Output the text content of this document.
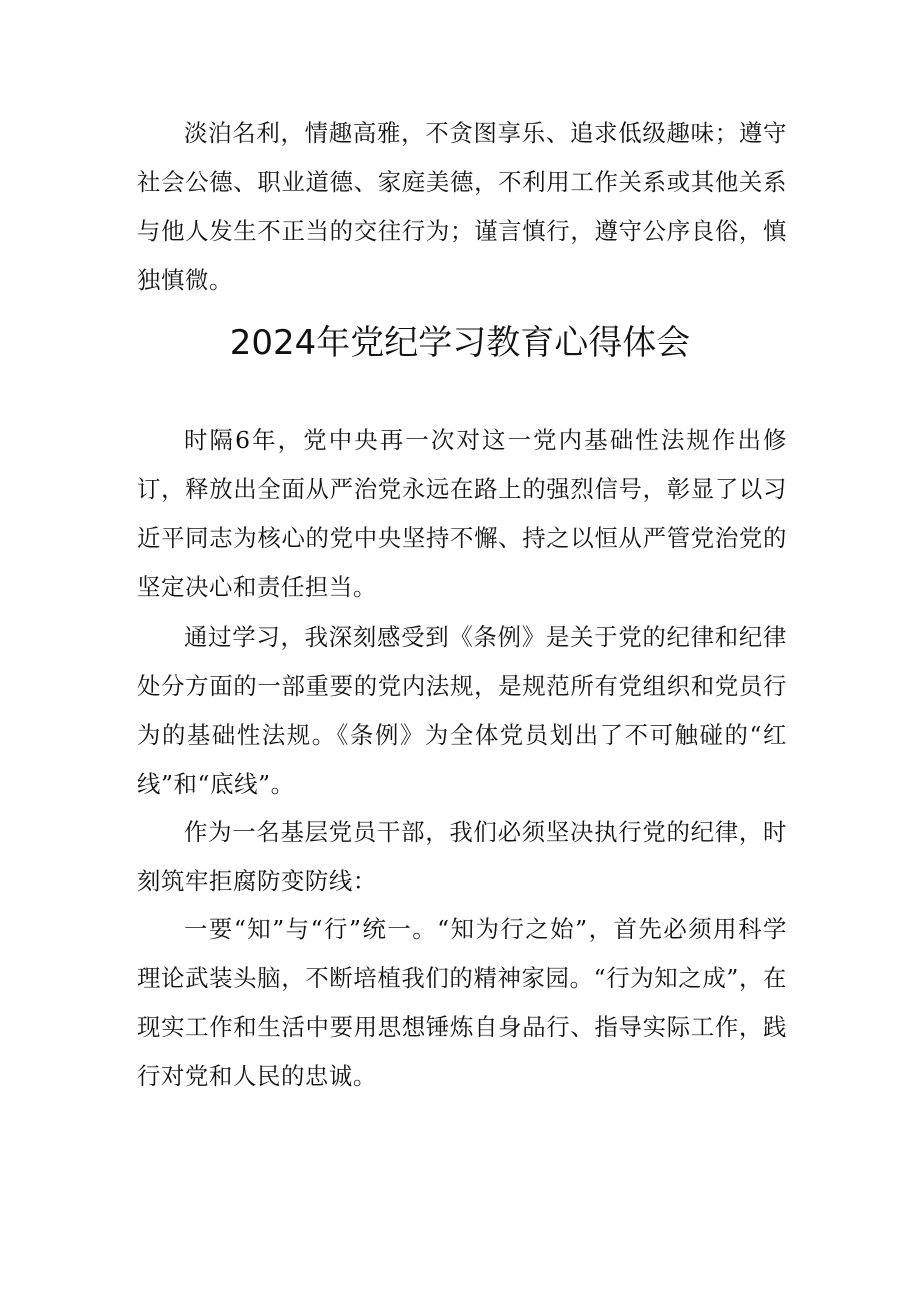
淡泊名利，情趣高雅，不贪图享乐、追求低级趣味；遵守社会公德、职业道德、家庭美德，不利用工作关系或其他关系与他人发生不正当的交往行为；谨言慎行，遵守公序良俗，慎独慎微。

2024年党纪学习教育心得体会

时隔6年，党中央再一次对这一党内基础性法规作出修订，释放出全面从严治党永远在路上的强烈信号，彰显了以习近平同志为核心的党中央坚持不懈、持之以恒从严管党治党的坚定决心和责任担当。

通过学习，我深刻感受到《条例》是关于党的纪律和纪律处分方面的一部重要的党内法规，是规范所有党组织和党员行为的基础性法规。《条例》为全体党员划出了不可触碰的“红线”和“底线”。

作为一名基层党员干部，我们必须坚决执行党的纪律，时刻筑牢拒腐防变防线：

一要“知”与“行”统一。“知为行之始”，首先必须用科学理论武装头脑，不断培植我们的精神家园。“行为知之成”，在现实工作和生活中要用思想锤炼自身品行、指导实际工作，践行对党和人民的忠诚。
